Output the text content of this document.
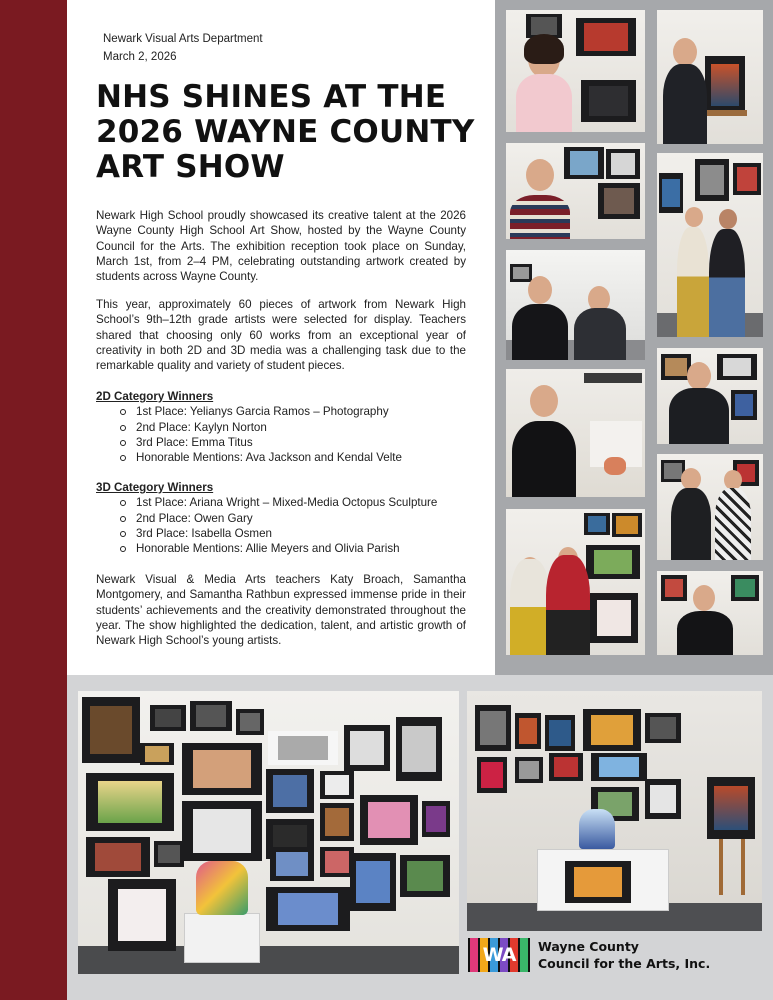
Newark Visual Arts Department
March 2, 2026
NHS SHINES AT THE 2026 WAYNE COUNTY ART SHOW

Newark High School proudly showcased its creative talent at the 2026 Wayne County High School Art Show, hosted by the Wayne County Council for the Arts. The exhibition reception took place on Sunday, March 1st, from 2–4 PM, celebrating outstanding artwork created by students across Wayne County.

This year, approximately 60 pieces of artwork from Newark High School’s 9th–12th grade artists were selected for display. Teachers shared that choosing only 60 works from an exceptional year of creativity in both 2D and 3D media was a challenging task due to the remarkable quality and variety of student pieces.

2D Category Winners

1st Place: Yelianys Garcia Ramos – Photography
2nd Place: Kaylyn Norton
3rd Place: Emma Titus
Honorable Mentions: Ava Jackson and Kendal Velte

3D Category Winners

1st Place: Ariana Wright – Mixed-Media Octopus Sculpture
2nd Place: Owen Gary
3rd Place: Isabella Osmen
Honorable Mentions: Allie Meyers and Olivia Parish

Newark Visual & Media Arts teachers Katy Broach, Samantha Montgomery, and Samantha Rathbun expressed immense pride in their students’ achievements and the creativity demonstrated throughout the year. The show highlighted the dedication, talent, and artistic growth of Newark High School’s young artists.

WA	Wayne County
Council for the Arts, Inc.
